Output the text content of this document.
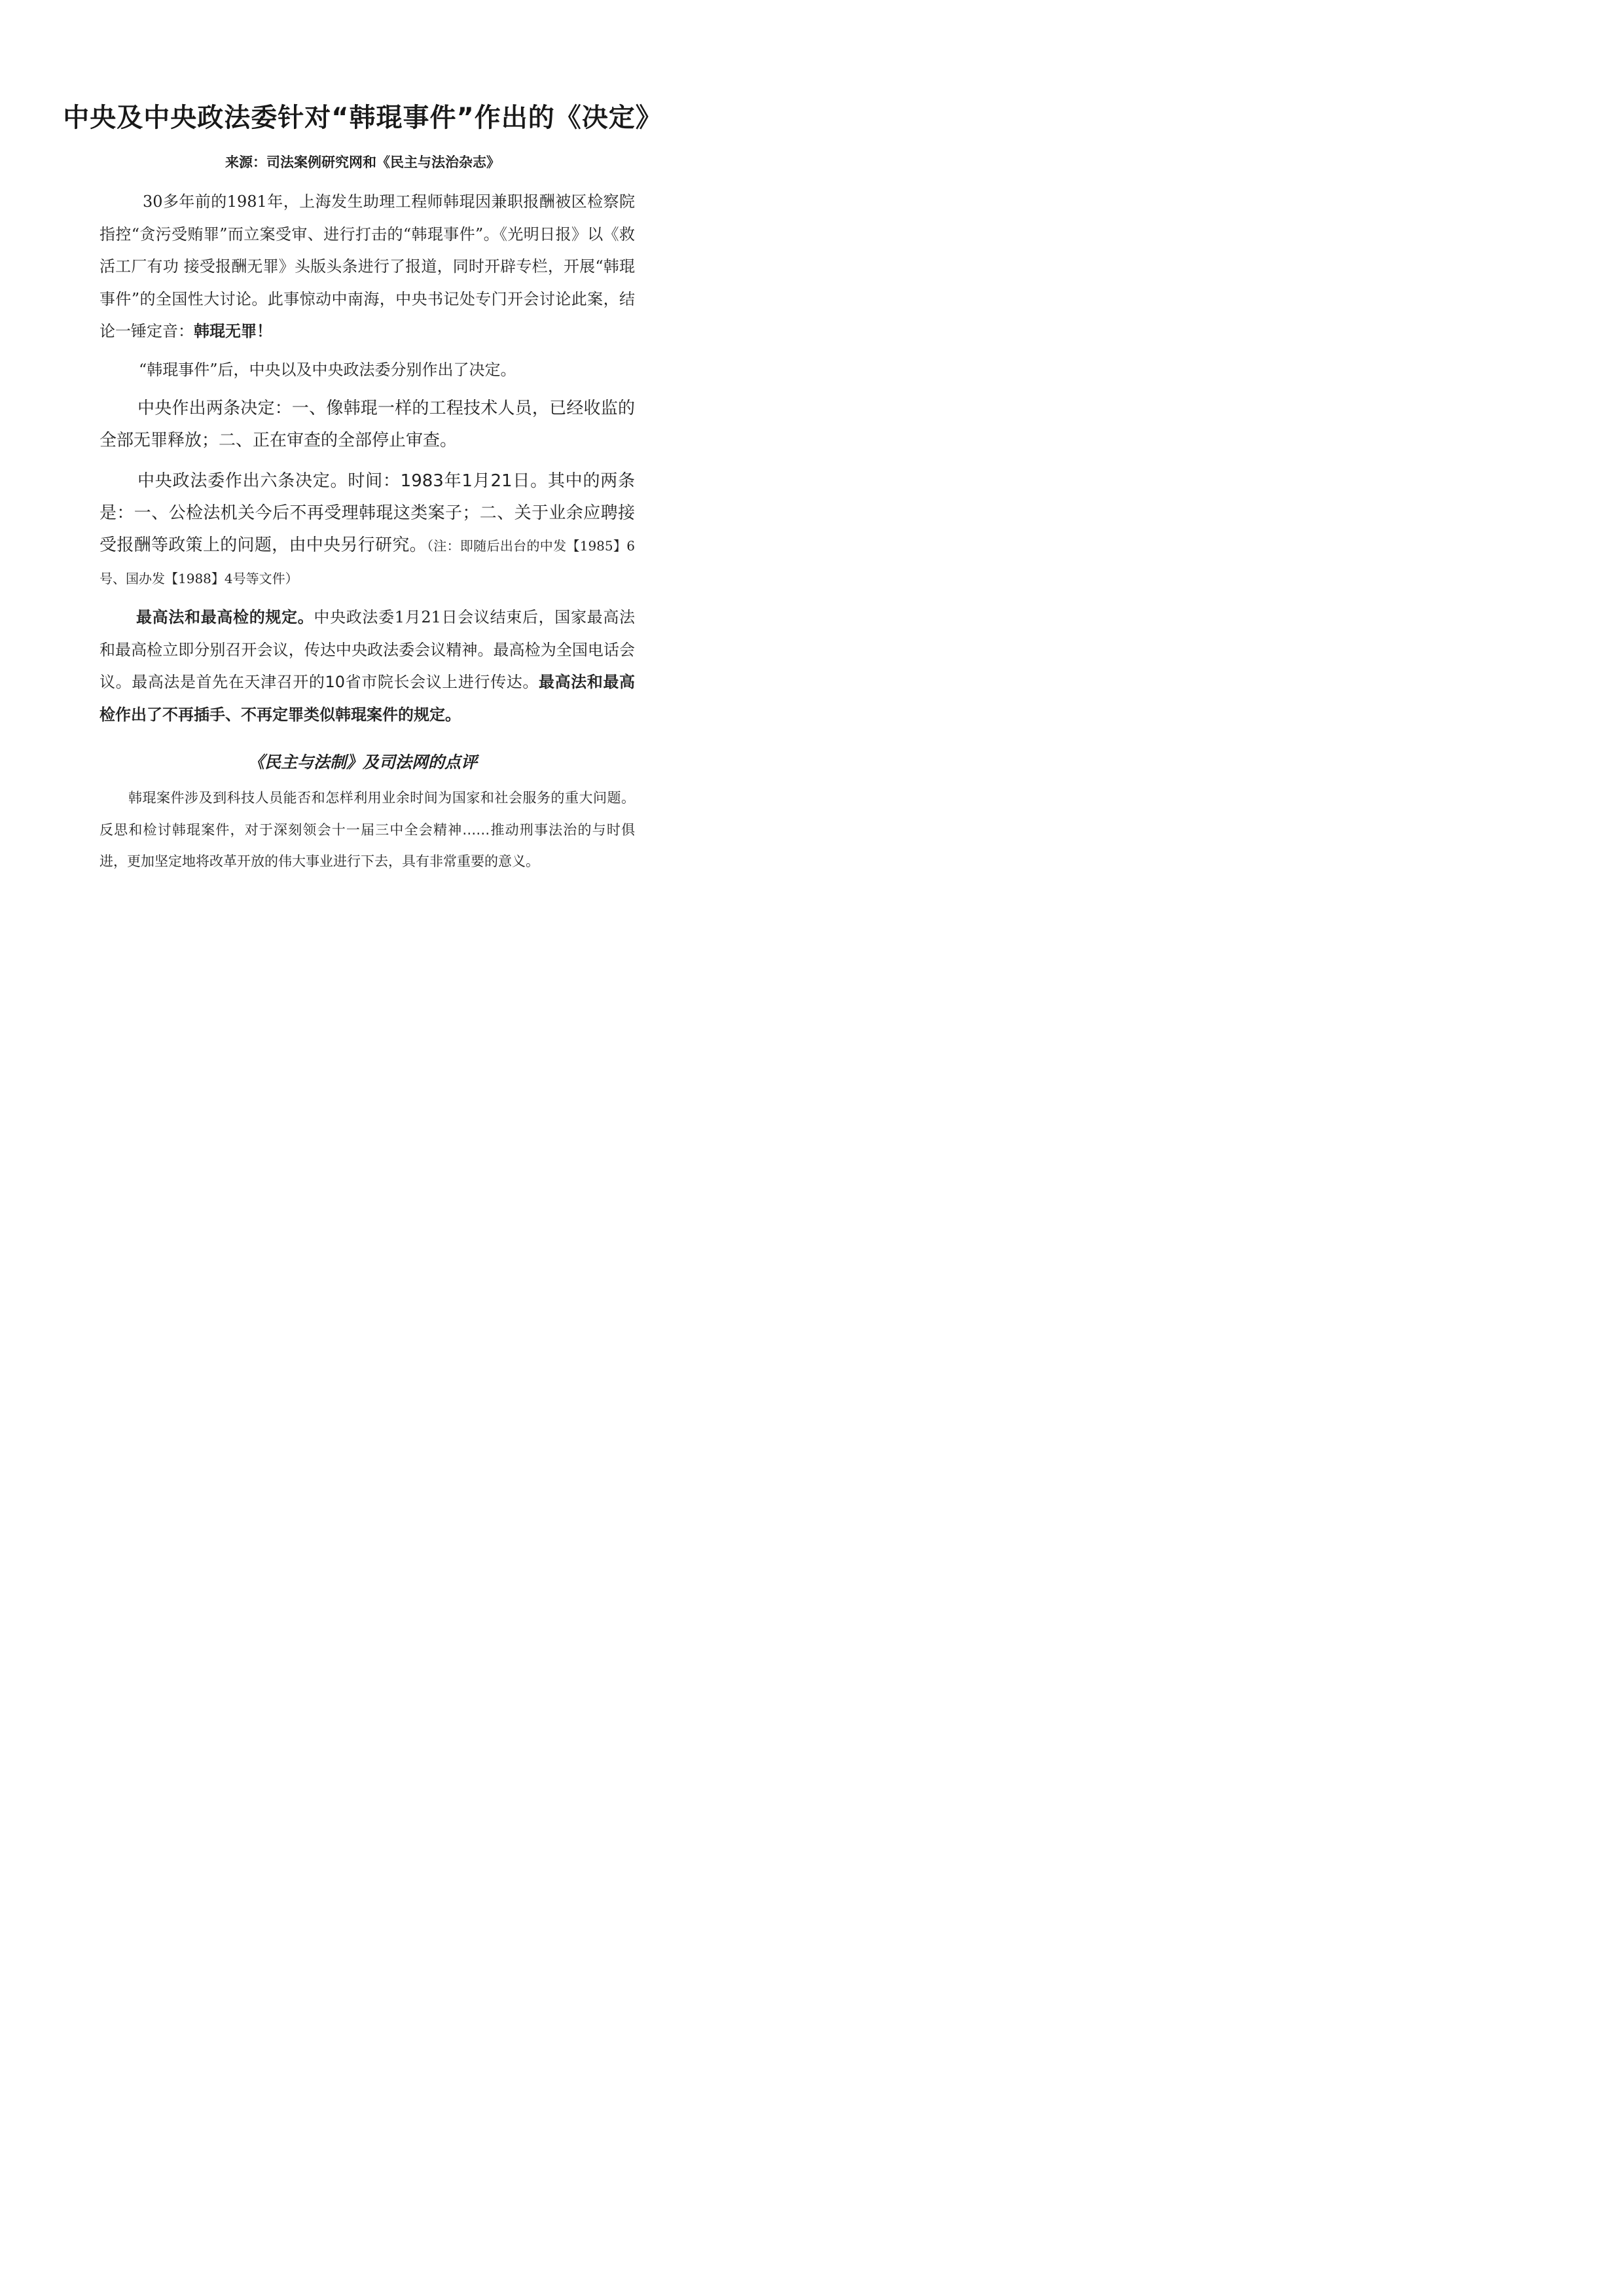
中央及中央政法委针对“韩琨事件”作出的《决定》
来源：司法案例研究网和《民主与法治杂志》

30多年前的1981年，上海发生助理工程师韩琨因兼职报酬被区检察院指控“贪污受贿罪”而立案受审、进行打击的“韩琨事件”。《光明日报》以《救活工厂有功 接受报酬无罪》头版头条进行了报道，同时开辟专栏，开展“韩琨事件”的全国性大讨论。此事惊动中南海，中央书记处专门开会讨论此案，结论一锤定音：韩琨无罪！

“韩琨事件”后，中央以及中央政法委分别作出了决定。

中央作出两条决定：一、像韩琨一样的工程技术人员，已经收监的全部无罪释放；二、正在审查的全部停止审查。

中央政法委作出六条决定。时间：1983年1月21日。其中的两条是：一、公检法机关今后不再受理韩琨这类案子；二、关于业余应聘接受报酬等政策上的问题，由中央另行研究。（注：即随后出台的中发【1985】6号、国办发【1988】4号等文件）

最高法和最高检的规定。中央政法委1月21日会议结束后，国家最高法和最高检立即分别召开会议，传达中央政法委会议精神。最高检为全国电话会议。最高法是首先在天津召开的10省市院长会议上进行传达。最高法和最高检作出了不再插手、不再定罪类似韩琨案件的规定。

《民主与法制》及司法网的点评

韩琨案件涉及到科技人员能否和怎样利用业余时间为国家和社会服务的重大问题。反思和检讨韩琨案件，对于深刻领会十一届三中全会精神……推动刑事法治的与时俱进，更加坚定地将改革开放的伟大事业进行下去，具有非常重要的意义。
